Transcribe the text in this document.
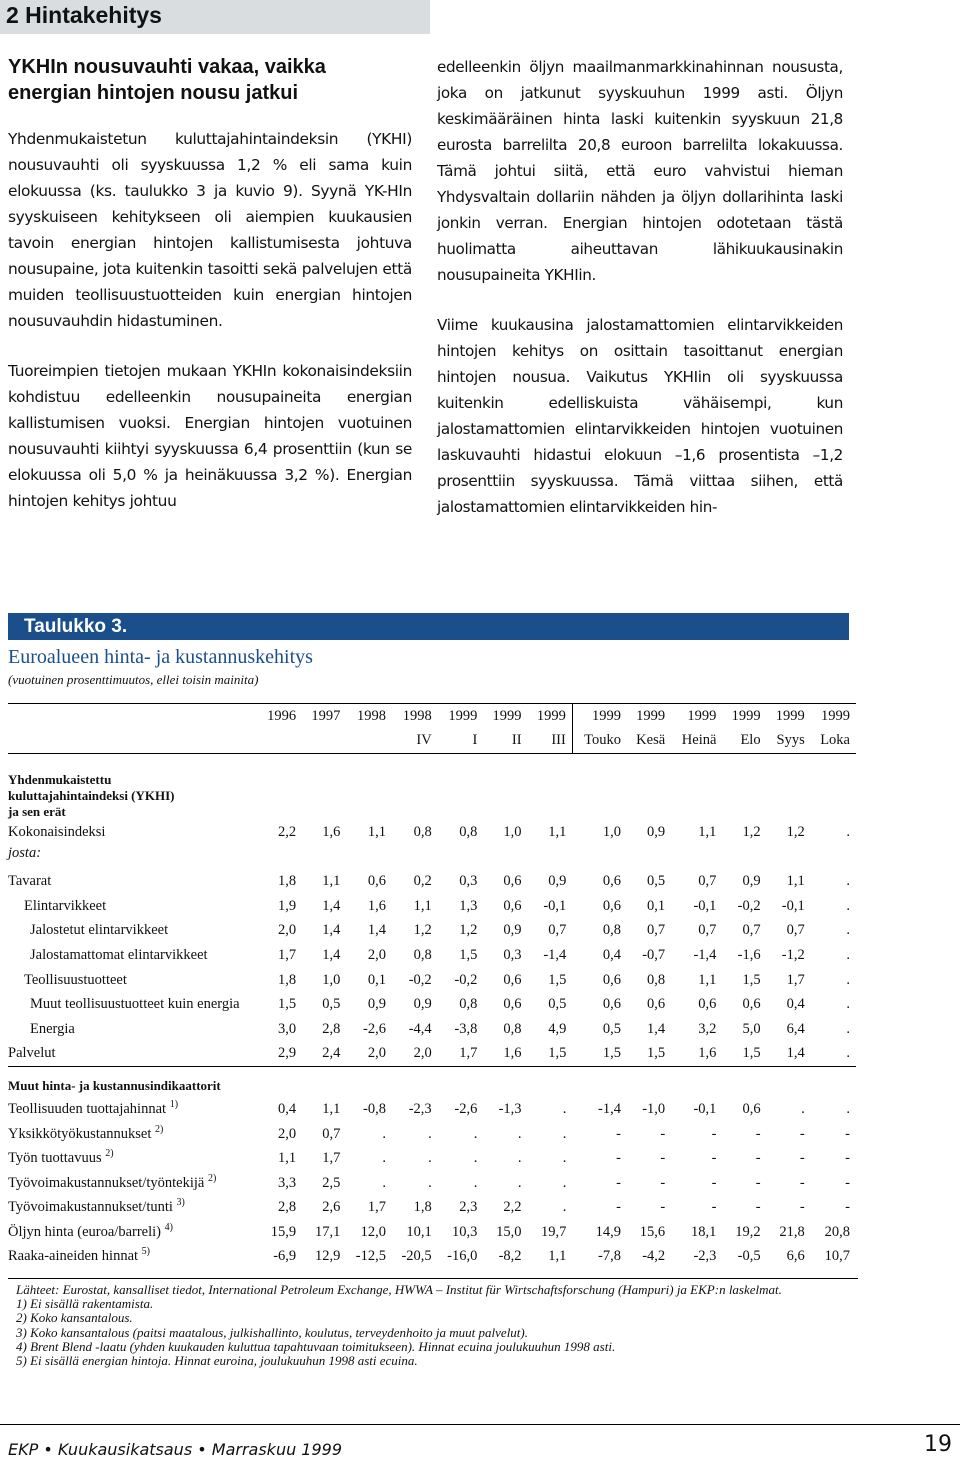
2 Hintakehitys
YKHIn nousuvauhti vakaa, vaikka energian hintojen nousu jatkui

Yhdenmukaistetun kuluttajahintaindeksin (YKHI) nousuvauhti oli syyskuussa 1,2 % eli sama kuin elokuussa (ks. taulukko 3 ja kuvio 9). Syynä YK-HIn syyskuiseen kehitykseen oli aiempien kuukausien tavoin energian hintojen kallistumisesta johtuva nousupaine, jota kuitenkin tasoitti sekä palvelujen että muiden teollisuustuotteiden kuin energian hintojen nousuvauhdin hidastuminen.

Tuoreimpien tietojen mukaan YKHIn kokonaisindeksiin kohdistuu edelleenkin nousupaineita energian kallistumisen vuoksi. Energian hintojen vuotuinen nousuvauhti kiihtyi syyskuussa 6,4 prosenttiin (kun se elokuussa oli 5,0 % ja heinäkuussa 3,2 %). Energian hintojen kehitys johtuu

edelleenkin öljyn maailmanmarkkinahinnan noususta, joka on jatkunut syyskuuhun 1999 asti. Öljyn keskimääräinen hinta laski kuitenkin syyskuun 21,8 eurosta barrelilta 20,8 euroon barrelilta lokakuussa. Tämä johtui siitä, että euro vahvistui hieman Yhdysvaltain dollariin nähden ja öljyn dollarihinta laski jonkin verran. Energian hintojen odotetaan tästä huolimatta aiheuttavan lähikuukausinakin nousupaineita YKHIin.

Viime kuukausina jalostamattomien elintarvikkeiden hintojen kehitys on osittain tasoittanut energian hintojen nousua. Vaikutus YKHIin oli syyskuussa kuitenkin edelliskuista vähäisempi, kun jalostamattomien elintarvikkeiden hintojen vuotuinen laskuvauhti hidastui elokuun –1,6 prosentista –1,2 prosenttiin syyskuussa. Tämä viittaa siihen, että jalostamattomien elintarvikkeiden hin-

Taulukko 3.
Euroalueen hinta- ja kustannuskehitys
(vuotuinen prosenttimuutos, ellei toisin mainita)
	1996	1997	1998	1998	1999	1999	1999	1999	1999	1999	1999	1999	1999
				IV	I	II	III	Touko	Kesä	Heinä	Elo	Syys	Loka

Yhdenmukaistettu
kuluttajahintaindeksi (YKHI)
ja sen erät													

Kokonaisindeksi	2,2	1,6	1,1	0,8	0,8	1,0	1,1	1,0	0,9	1,1	1,2	1,2	.
josta:													
Tavarat	1,8	1,1	0,6	0,2	0,3	0,6	0,9	0,6	0,5	0,7	0,9	1,1	.
Elintarvikkeet	1,9	1,4	1,6	1,1	1,3	0,6	-0,1	0,6	0,1	-0,1	-0,2	-0,1	.
Jalostetut elintarvikkeet	2,0	1,4	1,4	1,2	1,2	0,9	0,7	0,8	0,7	0,7	0,7	0,7	.
Jalostamattomat elintarvikkeet	1,7	1,4	2,0	0,8	1,5	0,3	-1,4	0,4	-0,7	-1,4	-1,6	-1,2	.
Teollisuustuotteet	1,8	1,0	0,1	-0,2	-0,2	0,6	1,5	0,6	0,8	1,1	1,5	1,7	.
Muut teollisuustuotteet kuin energia	1,5	0,5	0,9	0,9	0,8	0,6	0,5	0,6	0,6	0,6	0,6	0,4	.
Energia	3,0	2,8	-2,6	-4,4	-3,8	0,8	4,9	0,5	1,4	3,2	5,0	6,4	.
Palvelut	2,9	2,4	2,0	2,0	1,7	1,6	1,5	1,5	1,5	1,6	1,5	1,4	.
Muut hinta- ja kustannusindikaattorit													
Teollisuuden tuottajahinnat $^{1)}$	0,4	1,1	-0,8	-2,3	-2,6	-1,3	.	-1,4	-1,0	-0,1	0,6	.	.
Yksikkötyökustannukset $^{2)}$	2,0	0,7	.	.	.	.	.	-	-	-	-	-	-
Työn tuottavuus $^{2)}$	1,1	1,7	.	.	.	.	.	-	-	-	-	-	-
Työvoimakustannukset/työntekijä $^{2)}$	3,3	2,5	.	.	.	.	.	-	-	-	-	-	-
Työvoimakustannukset/tunti $^{3)}$	2,8	2,6	1,7	1,8	2,3	2,2	.	-	-	-	-	-	-
Öljyn hinta (euroa/barreli) $^{4)}$	15,9	17,1	12,0	10,1	10,3	15,0	19,7	14,9	15,6	18,1	19,2	21,8	20,8
Raaka-aineiden hinnat $^{5)}$	-6,9	12,9	-12,5	-20,5	-16,0	-8,2	1,1	-7,8	-4,2	-2,3	-0,5	6,6	10,7
Lähteet: Eurostat, kansalliset tiedot, International Petroleum Exchange, HWWA – Institut für Wirtschaftsforschung (Hampuri) ja EKP:n laskelmat.
1) Ei sisällä rakentamista.
2) Koko kansantalous.
3) Koko kansantalous (paitsi maatalous, julkishallinto, koulutus, terveydenhoito ja muut palvelut).
4) Brent Blend -laatu (yhden kuukauden kuluttua tapahtuvaan toimitukseen). Hinnat ecuina joulukuuhun 1998 asti.
5) Ei sisällä energian hintoja. Hinnat euroina, joulukuuhun 1998 asti ecuina.
EKP • Kuukausikatsaus • Marraskuu 1999	19
